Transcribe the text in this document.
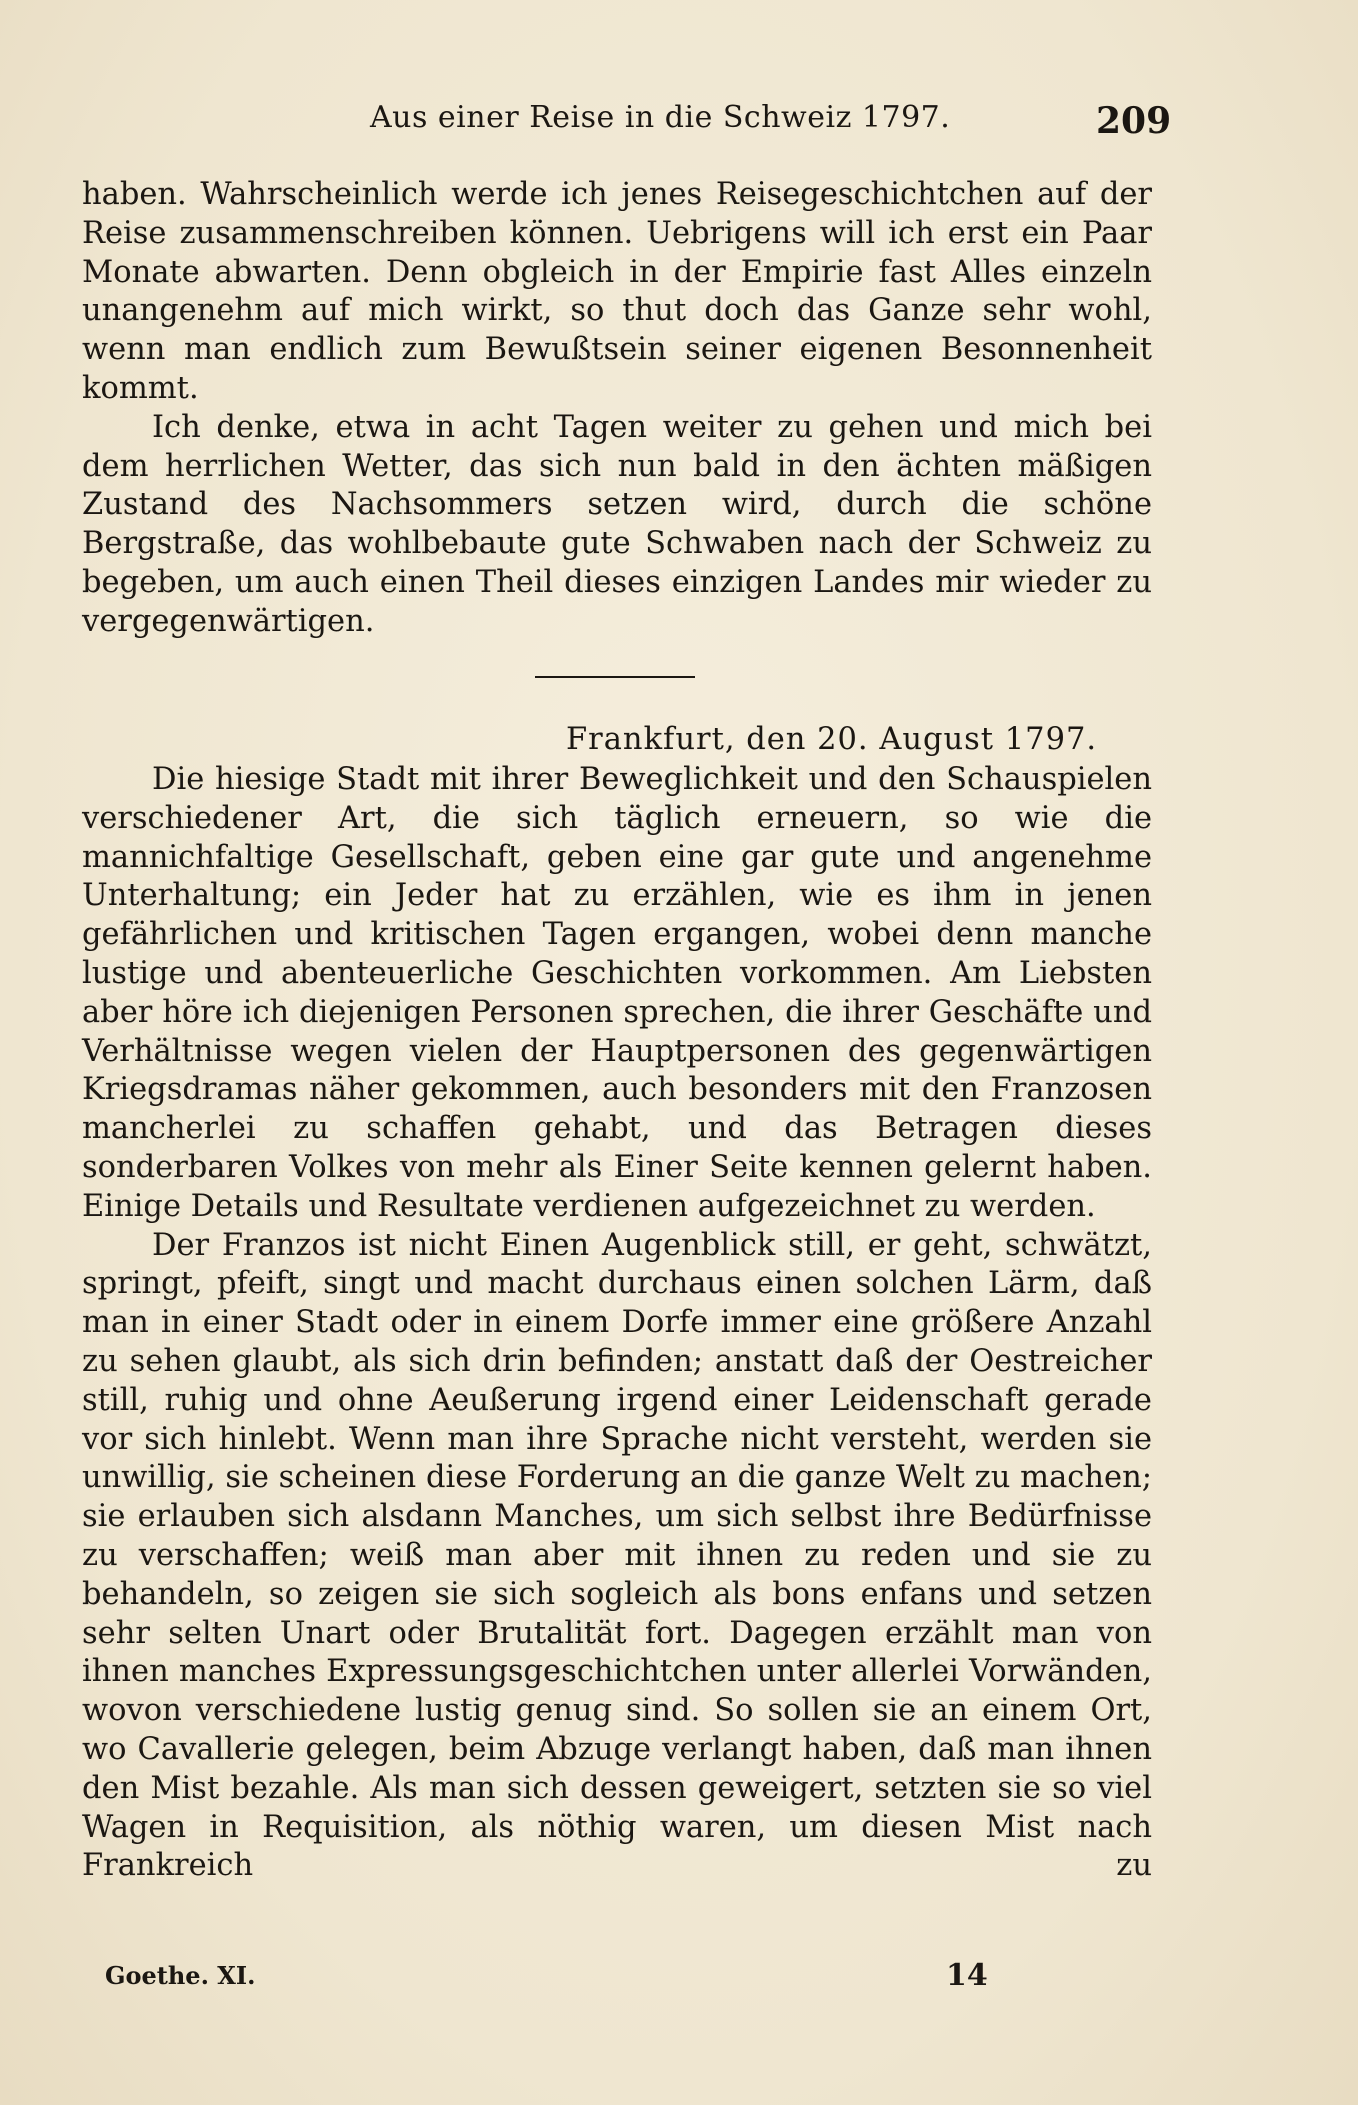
Aus einer Reise in die Schweiz 1797.	209

haben. Wahrscheinlich werde ich jenes Reisegeschichtchen auf der Reise zusammenschreiben können. Uebrigens will ich erst ein Paar Monate abwarten. Denn obgleich in der Empirie fast Alles einzeln unangenehm auf mich wirkt, so thut doch das Ganze sehr wohl, wenn man endlich zum Bewußtsein seiner eigenen Besonnenheit kommt.

Ich denke, etwa in acht Tagen weiter zu gehen und mich bei dem herrlichen Wetter, das sich nun bald in den ächten mäßigen Zustand des Nachsommers setzen wird, durch die schöne Bergstraße, das wohlbebaute gute Schwaben nach der Schweiz zu begeben, um auch einen Theil dieses einzigen Landes mir wieder zu vergegenwärtigen.

Frankfurt, den 20. August 1797.

Die hiesige Stadt mit ihrer Beweglichkeit und den Schauspielen verschiedener Art, die sich täglich erneuern, so wie die mannichfaltige Gesellschaft, geben eine gar gute und angenehme Unterhaltung; ein Jeder hat zu erzählen, wie es ihm in jenen gefährlichen und kritischen Tagen ergangen, wobei denn manche lustige und abenteuerliche Geschichten vorkommen. Am Liebsten aber höre ich diejenigen Personen sprechen, die ihrer Geschäfte und Verhältnisse wegen vielen der Hauptpersonen des gegenwärtigen Kriegsdramas näher gekommen, auch besonders mit den Franzosen mancherlei zu schaffen gehabt, und das Betragen dieses sonderbaren Volkes von mehr als Einer Seite kennen gelernt haben. Einige Details und Resultate verdienen aufgezeichnet zu werden.

Der Franzos ist nicht Einen Augenblick still, er geht, schwätzt, springt, pfeift, singt und macht durchaus einen solchen Lärm, daß man in einer Stadt oder in einem Dorfe immer eine größere Anzahl zu sehen glaubt, als sich drin befinden; anstatt daß der Oestreicher still, ruhig und ohne Aeußerung irgend einer Leidenschaft gerade vor sich hinlebt. Wenn man ihre Sprache nicht versteht, werden sie unwillig, sie scheinen diese Forderung an die ganze Welt zu machen; sie erlauben sich alsdann Manches, um sich selbst ihre Bedürfnisse zu verschaffen; weiß man aber mit ihnen zu reden und sie zu behandeln, so zeigen sie sich sogleich als bons enfans und setzen sehr selten Unart oder Brutalität fort. Dagegen erzählt man von ihnen manches Expressungsgeschichtchen unter allerlei Vorwänden, wovon verschiedene lustig genug sind. So sollen sie an einem Ort, wo Cavallerie gelegen, beim Abzuge verlangt haben, daß man ihnen den Mist bezahle. Als man sich dessen geweigert, setzten sie so viel Wagen in Requisition, als nöthig waren, um diesen Mist nach Frankreich zu

Goethe. XI.	14
